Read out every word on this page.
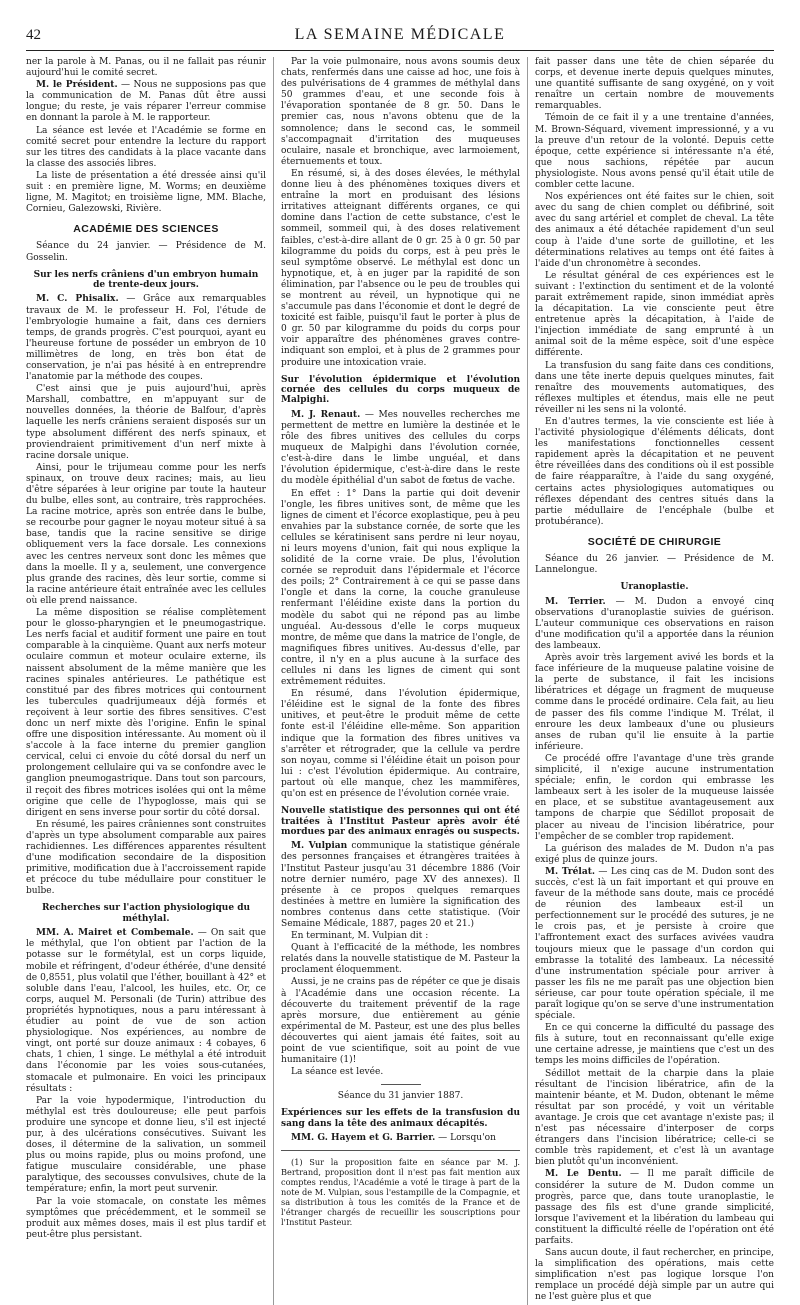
42	LA SEMAINE MÉDICALE

ner la parole à M. Panas, ou il ne fallait pas réunir aujourd'hui le comité secret.

M. le Président. — Nous ne supposions pas que la communication de M. Panas dût être aussi longue; du reste, je vais réparer l'erreur commise en donnant la parole à M. le rapporteur.

La séance est levée et l'Académie se forme en comité secret pour entendre la lecture du rapport sur les titres des candidats à la place vacante dans la classe des associés libres.

La liste de présentation a été dressée ainsi qu'il suit : en première ligne, M. Worms; en deuxième ligne, M. Magitot; en troisième ligne, MM. Blache, Cornieu, Galezowski, Rivière.

ACADÉMIE DES SCIENCES

Séance du 24 janvier. — Présidence de M. Gosselin.

Sur les nerfs crâniens d'un embryon humain de trente-deux jours.

M. C. Phisalix. — Grâce aux remarquables travaux de M. le professeur H. Fol, l'étude de l'embryologie humaine a fait, dans ces derniers temps, de grands progrès. C'est pourquoi, ayant eu l'heureuse fortune de posséder un embryon de 10 millimètres de long, en très bon état de conservation, je n'ai pas hésité à en entreprendre l'anatomie par la méthode des coupes.

C'est ainsi que je puis aujourd'hui, après Marshall, combattre, en m'appuyant sur de nouvelles données, la théorie de Balfour, d'après laquelle les nerfs crâniens seraient disposés sur un type absolument différent des nerfs spinaux, et proviendraient primitivement d'un nerf mixte à racine dorsale unique.

Ainsi, pour le trijumeau comme pour les nerfs spinaux, on trouve deux racines; mais, au lieu d'être séparées à leur origine par toute la hauteur du bulbe, elles sont, au contraire, très rapprochées. La racine motrice, après son entrée dans le bulbe, se recourbe pour gagner le noyau moteur situé à sa base, tandis que la racine sensitive se dirige obliquement vers la face dorsale. Les connexions avec les centres nerveux sont donc les mêmes que dans la moelle. Il y a, seulement, une convergence plus grande des racines, dès leur sortie, comme si la racine antérieure était entraînée avec les cellules où elle prend naissance.

La même disposition se réalise complètement pour le glosso-pharyngien et le pneumogastrique. Les nerfs facial et auditif forment une paire en tout comparable à la cinquième. Quant aux nerfs moteur oculaire commun et moteur oculaire externe, ils naissent absolument de la même manière que les racines spinales antérieures. Le pathétique est constitué par des fibres motrices qui contournent les tubercules quadrijumeaux déjà formés et reçoivent à leur sortie des fibres sensitives. C'est donc un nerf mixte dès l'origine. Enfin le spinal offre une disposition intéressante. Au moment où il s'accole à la face interne du premier ganglion cervical, celui ci envoie du côté dorsal du nerf un prolongement cellulaire qui va se confondre avec le ganglion pneumogastrique. Dans tout son parcours, il reçoit des fibres motrices isolées qui ont la même origine que celle de l'hypoglosse, mais qui se dirigent en sens inverse pour sortir du côté dorsal.

En résumé, les paires crâniennes sont construites d'après un type absolument comparable aux paires rachidiennes. Les différences apparentes résultent d'une modification secondaire de la disposition primitive, modification due à l'accroissement rapide et précoce du tube médullaire pour constituer le bulbe.

Recherches sur l'action physiologique du méthylal.

MM. A. Mairet et Combemale. — On sait que le méthylal, que l'on obtient par l'action de la potasse sur le formétylal, est un corps liquide, mobile et réfringent, d'odeur éthérée, d'une densité de 0,8551, plus volatil que l'éther, bouillant à 42° et soluble dans l'eau, l'alcool, les huiles, etc. Or, ce corps, auquel M. Personali (de Turin) attribue des propriétés hypnotiques, nous a paru intéressant à étudier au point de vue de son action physiologique. Nos expériences, au nombre de vingt, ont porté sur douze animaux : 4 cobayes, 6 chats, 1 chien, 1 singe. Le méthylal a été introduit dans l'économie par les voies sous-cutanées, stomacale et pulmonaire. En voici les principaux résultats :

Par la voie hypodermique, l'introduction du méthylal est très douloureuse; elle peut parfois produire une syncope et donne lieu, s'il est injecté pur, à des ulcérations consécutives. Suivant les doses, il détermine de la salivation, un sommeil plus ou moins rapide, plus ou moins profond, une fatigue musculaire considérable, une phase paralytique, des secousses convulsives, chute de la température; enfin, la mort peut survenir.

Par la voie stomacale, on constate les mêmes symptômes que précédemment, et le sommeil se produit aux mêmes doses, mais il est plus tardif et peut-être plus persistant.

Par la voie pulmonaire, nous avons soumis deux chats, renfermés dans une caisse ad hoc, une fois à des pulvérisations de 4 grammes de méthylal dans 50 grammes d'eau, et une seconde fois à l'évaporation spontanée de 8 gr. 50. Dans le premier cas, nous n'avons obtenu que de la somnolence; dans le second cas, le sommeil s'accompagnait d'irritation des muqueuses oculaire, nasale et bronchique, avec larmoiement, éternuements et toux.

En résumé, si, à des doses élevées, le méthylal donne lieu à des phénomènes toxiques divers et entraîne la mort en produisant des lésions irritatives atteignant différents organes, ce qui domine dans l'action de cette substance, c'est le sommeil, sommeil qui, à des doses relativement faibles, c'est-à-dire allant de 0 gr. 25 à 0 gr. 50 par kilogramme du poids du corps, est à peu près le seul symptôme observé. Le méthylal est donc un hypnotique, et, à en juger par la rapidité de son élimination, par l'absence ou le peu de troubles qui se montrent au réveil, un hypnotique qui ne s'accumule pas dans l'économie et dont le degré de toxicité est faible, puisqu'il faut le porter à plus de 0 gr. 50 par kilogramme du poids du corps pour voir apparaître des phénomènes graves contre-indiquant son emploi, et à plus de 2 grammes pour produire une intoxication vraie.

Sur l'évolution épidermique et l'évolution cornée des cellules du corps muqueux de Malpighi.

M. J. Renaut. — Mes nouvelles recherches me permettent de mettre en lumière la destinée et le rôle des fibres unitives des cellules du corps muqueux de Malpighi dans l'évolution cornée, c'est-à-dire dans le limbe unguéal, et dans l'évolution épidermique, c'est-à-dire dans le reste du modèle épithélial d'un sabot de fœtus de vache.

En effet : 1° Dans la partie qui doit devenir l'ongle, les fibres unitives sont, de même que les lignes de ciment et l'écorce exoplastique, peu à peu envahies par la substance cornée, de sorte que les cellules se kératinisent sans perdre ni leur noyau, ni leurs moyens d'union, fait qui nous explique la solidité de la corne vraie. De plus, l'évolution cornée se reproduit dans l'épidermale et l'écorce des poils; 2° Contrairement à ce qui se passe dans l'ongle et dans la corne, la couche granuleuse renfermant l'éléidine existe dans la portion du modèle du sabot qui ne répond pas au limbe unguéal. Au-dessous d'elle le corps muqueux montre, de même que dans la matrice de l'ongle, de magnifiques fibres unitives. Au-dessus d'elle, par contre, il n'y en a plus aucune à la surface des cellules ni dans les lignes de ciment qui sont extrêmement réduites.

En résumé, dans l'évolution épidermique, l'éléidine est le signal de la fonte des fibres unitives, et peut-être le produit même de cette fonte est-il l'éléidine elle-même. Son apparition indique que la formation des fibres unitives va s'arrêter et rétrograder, que la cellule va perdre son noyau, comme si l'éléidine était un poison pour lui : c'est l'évolution épidermique. Au contraire, partout où elle manque, chez les mammifères, qu'on est en présence de l'évolution cornée vraie.

Nouvelle statistique des personnes qui ont été traitées à l'Institut Pasteur après avoir été mordues par des animaux enragés ou suspects.

M. Vulpian communique la statistique générale des personnes françaises et étrangères traitées à l'Institut Pasteur jusqu'au 31 décembre 1886 (Voir notre dernier numéro, page XV des annexes). Il présente à ce propos quelques remarques destinées à mettre en lumière la signification des nombres contenus dans cette statistique. (Voir Semaine Médicale, 1887, pages 20 et 21.)

En terminant, M. Vulpian dit :

Quant à l'efficacité de la méthode, les nombres relatés dans la nouvelle statistique de M. Pasteur la proclament éloquemment.

Aussi, je ne crains pas de répéter ce que je disais à l'Académie dans une occasion récente. La découverte du traitement préventif de la rage après morsure, due entièrement au génie expérimental de M. Pasteur, est une des plus belles découvertes qui aient jamais été faites, soit au point de vue scientifique, soit au point de vue humanitaire (1)!

La séance est levée.

Séance du 31 janvier 1887.

Expériences sur les effets de la transfusion du sang dans la tête des animaux décapités.

MM. G. Hayem et G. Barrier. — Lorsqu'on

(1) Sur la proposition faite en séance par M. J. Bertrand, proposition dont il n'est pas fait mention aux comptes rendus, l'Académie a voté le tirage à part de la note de M. Vulpian, sous l'estampille de la Compagnie, et sa distribution à tous les comités de la France et de l'étranger chargés de recueillir les souscriptions pour l'Institut Pasteur.

fait passer dans une tête de chien séparée du corps, et devenue inerte depuis quelques minutes, une quantité suffisante de sang oxygéné, on y voit renaître un certain nombre de mouvements remarquables.

Témoin de ce fait il y a une trentaine d'années, M. Brown-Séquard, vivement impressionné, y a vu la preuve d'un retour de la volonté. Depuis cette époque, cette expérience si intéressante n'a été, que nous sachions, répétée par aucun physiologiste. Nous avons pensé qu'il était utile de combler cette lacune.

Nos expériences ont été faites sur le chien, soit avec du sang de chien complet ou défibriné, soit avec du sang artériel et complet de cheval. La tête des animaux a été détachée rapidement d'un seul coup à l'aide d'une sorte de guillotine, et les déterminations relatives au temps ont été faites à l'aide d'un chronomètre à secondes.

Le résultat général de ces expériences est le suivant : l'extinction du sentiment et de la volonté parait extrêmement rapide, sinon immédiat après la décapitation. La vie consciente peut être entretenue après la décapitation, à l'aide de l'injection immédiate de sang emprunté à un animal soit de la même espèce, soit d'une espèce différente.

La transfusion du sang faite dans ces conditions, dans une tête inerte depuis quelques minutes, fait renaître des mouvements automatiques, des réflexes multiples et étendus, mais elle ne peut réveiller ni les sens ni la volonté.

En d'autres termes, la vie consciente est liée à l'activité physiologique d'éléments délicats, dont les manifestations fonctionnelles cessent rapidement après la décapitation et ne peuvent être réveillées dans des conditions où il est possible de faire réapparaître, à l'aide du sang oxygéné, certains actes physiologiques automatiques ou réflexes dépendant des centres situés dans la partie médullaire de l'encéphale (bulbe et protubérance).

SOCIÉTÉ DE CHIRURGIE

Séance du 26 janvier. — Présidence de M. Lannelongue.

Uranoplastie.

M. Terrier. — M. Dudon a envoyé cinq observations d'uranoplastie suivies de guérison. L'auteur communique ces observations en raison d'une modification qu'il a apportée dans la réunion des lambeaux.

Après avoir très largement avivé les bords et la face inférieure de la muqueuse palatine voisine de la perte de substance, il fait les incisions libératrices et dégage un fragment de muqueuse comme dans le procédé ordinaire. Cela fait, au lieu de passer des fils comme l'indique M. Trélat, il enroure les deux lambeaux d'une ou plusieurs anses de ruban qu'il lie ensuite à la partie inférieure.

Ce procédé offre l'avantage d'une très grande simplicité, il n'exige aucune instrumentation spéciale; enfin, le cordon qui embrasse les lambeaux sert à les isoler de la muqueuse laissée en place, et se substitue avantageusement aux tampons de charpie que Sédillot proposait de placer au niveau de l'incision libératrice, pour l'empêcher de se combler trop rapidement.

La guérison des malades de M. Dudon n'a pas exigé plus de quinze jours.

M. Trélat. — Les cinq cas de M. Dudon sont des succès, c'est là un fait important et qui prouve en faveur de la méthode sans doute, mais ce procédé de réunion des lambeaux est-il un perfectionnement sur le procédé des sutures, je ne le crois pas, et je persiste à croire que l'affrontement exact des surfaces avivées vaudra toujours mieux que le passage d'un cordon qui embrasse la totalité des lambeaux. La nécessité d'une instrumentation spéciale pour arriver à passer les fils ne me paraît pas une objection bien sérieuse, car pour toute opération spéciale, il me paraît logique qu'on se serve d'une instrumentation spéciale.

En ce qui concerne la difficulté du passage des fils à suture, tout en reconnaissant qu'elle exige une certaine adresse, je maintiens que c'est un des temps les moins difficiles de l'opération.

Sédillot mettait de la charpie dans la plaie résultant de l'incision libératrice, afin de la maintenir béante, et M. Dudon, obtenant le même résultat par son procédé, y voit un véritable avantage. Je crois que cet avantage n'existe pas; il n'est pas nécessaire d'interposer de corps étrangers dans l'incision libératrice; celle-ci se comble très rapidement, et c'est là un avantage bien plutôt qu'un inconvénient.

M. Le Dentu. — Il me paraît difficile de considérer la suture de M. Dudon comme un progrès, parce que, dans toute uranoplastie, le passage des fils est d'une grande simplicité, lorsque l'avivement et la libération du lambeau qui constituent la difficulté réelle de l'opération ont été parfaits.

Sans aucun doute, il faut rechercher, en principe, la simplification des opérations, mais cette simplification n'est pas logique lorsque l'on remplace un procédé déjà simple par un autre qui ne l'est guère plus et que
